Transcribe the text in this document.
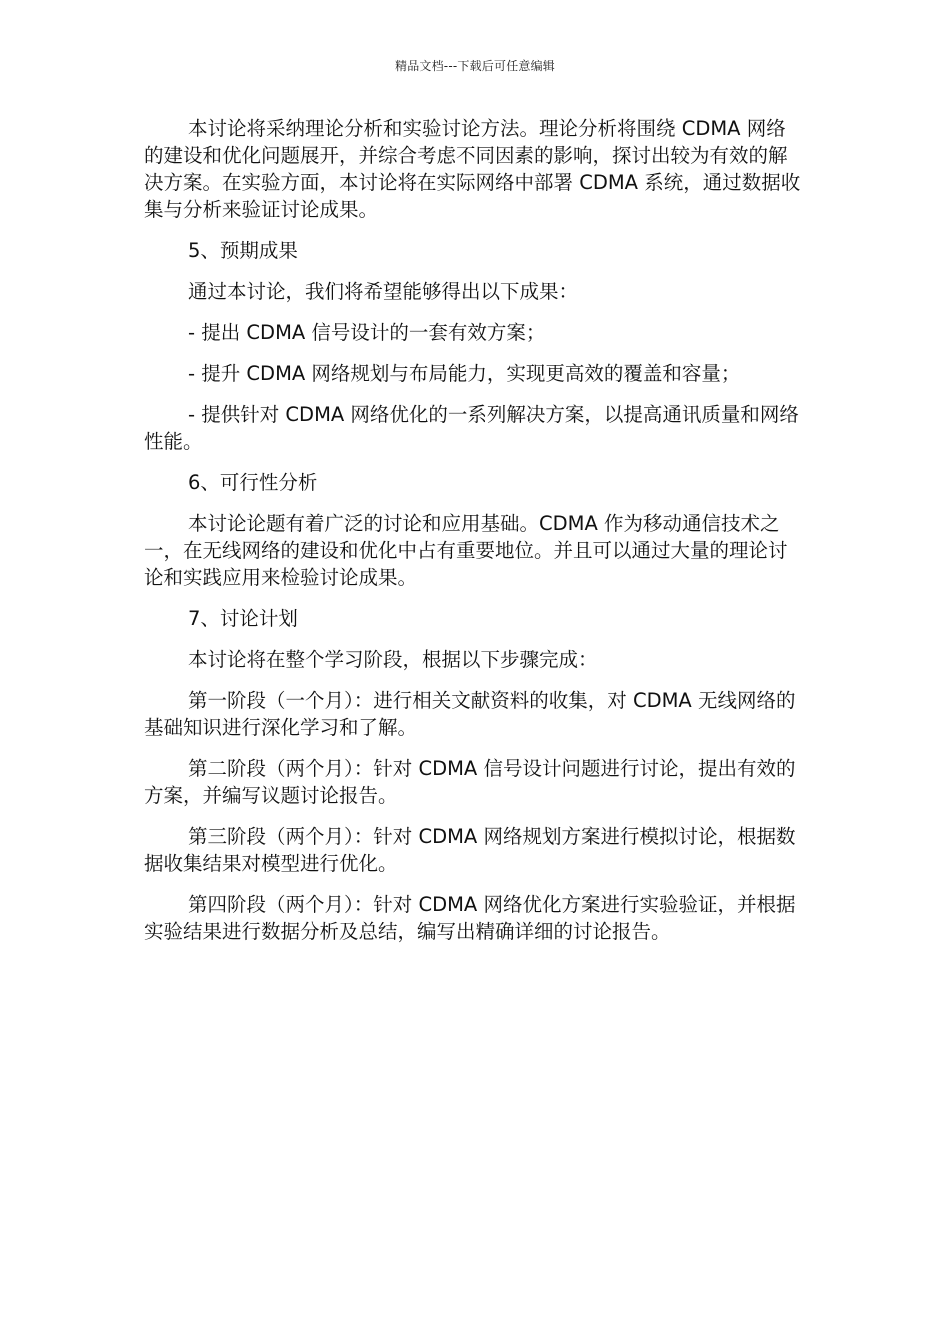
精品文档---下载后可任意编辑

本讨论将采纳理论分析和实验讨论方法。理论分析将围绕 CDMA 网络的建设和优化问题展开，并综合考虑不同因素的影响，探讨出较为有效的解决方案。在实验方面，本讨论将在实际网络中部署 CDMA 系统，通过数据收集与分析来验证讨论成果。

5、预期成果

通过本讨论，我们将希望能够得出以下成果：

- 提出 CDMA 信号设计的一套有效方案；

- 提升 CDMA 网络规划与布局能力，实现更高效的覆盖和容量；

- 提供针对 CDMA 网络优化的一系列解决方案，以提高通讯质量和网络性能。

6、可行性分析

本讨论论题有着广泛的讨论和应用基础。CDMA 作为移动通信技术之一，在无线网络的建设和优化中占有重要地位。并且可以通过大量的理论讨论和实践应用来检验讨论成果。

7、讨论计划

本讨论将在整个学习阶段，根据以下步骤完成：

第一阶段（一个月）：进行相关文献资料的收集，对 CDMA 无线网络的基础知识进行深化学习和了解。

第二阶段（两个月）：针对 CDMA 信号设计问题进行讨论，提出有效的方案，并编写议题讨论报告。

第三阶段（两个月）：针对 CDMA 网络规划方案进行模拟讨论，根据数据收集结果对模型进行优化。

第四阶段（两个月）：针对 CDMA 网络优化方案进行实验验证，并根据实验结果进行数据分析及总结，编写出精确详细的讨论报告。
